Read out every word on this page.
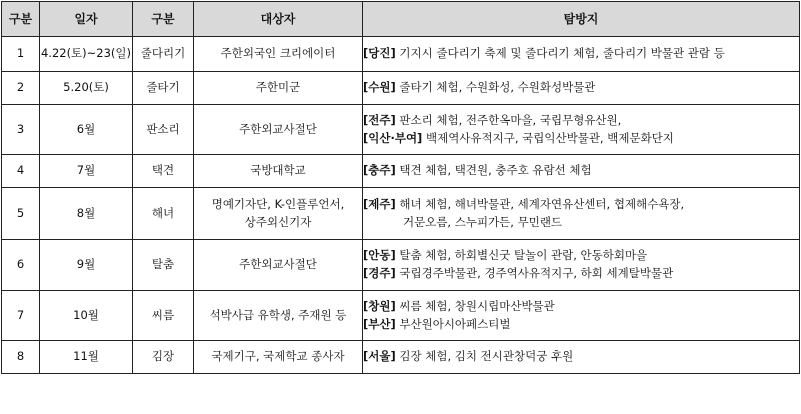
구분	일자	구분	대상자	탐방지
1	4.22(토)~23(일)	줄다리기	주한외국인 크리에이터	[당진] 기지시 줄다리기 축제 및 줄다리기 체험, 줄다리기 박물관 관람 등

2	5.20(토)	줄타기	주한미군	[수원] 줄타기 체험, 수원화성, 수원화성박물관

3	6월	판소리	주한외교사절단	[전주] 판소리 체험, 전주한옥마을, 국립무형유산원,
[익산·부여] 백제역사유적지구, 국립익산박물관, 백제문화단지

4	7월	택견	국방대학교	[충주] 택견 체험, 택견원, 충주호 유람선 체험

5	8월	해녀	명예기자단, K-인플루언서,
상주외신기자	[제주] 해녀 체험, 해녀박물관, 세계자연유산센터, 협제해수욕장,
거문오름, 스누피가든, 무민랜드

6	9월	탈춤	주한외교사절단	[안동] 탈춤 체험, 하회별신굿 탈놀이 관람, 안동하회마을
[경주] 국립경주박물관, 경주역사유적지구, 하회 세계탈박물관

7	10월	씨름	석박사급 유학생, 주재원 등	[창원] 씨름 체험, 창원시립마산박물관
[부산] 부산원아시아페스티벌

8	11월	김장	국제기구, 국제학교 종사자	[서울] 김장 체험, 김치 전시관창덕궁 후원
